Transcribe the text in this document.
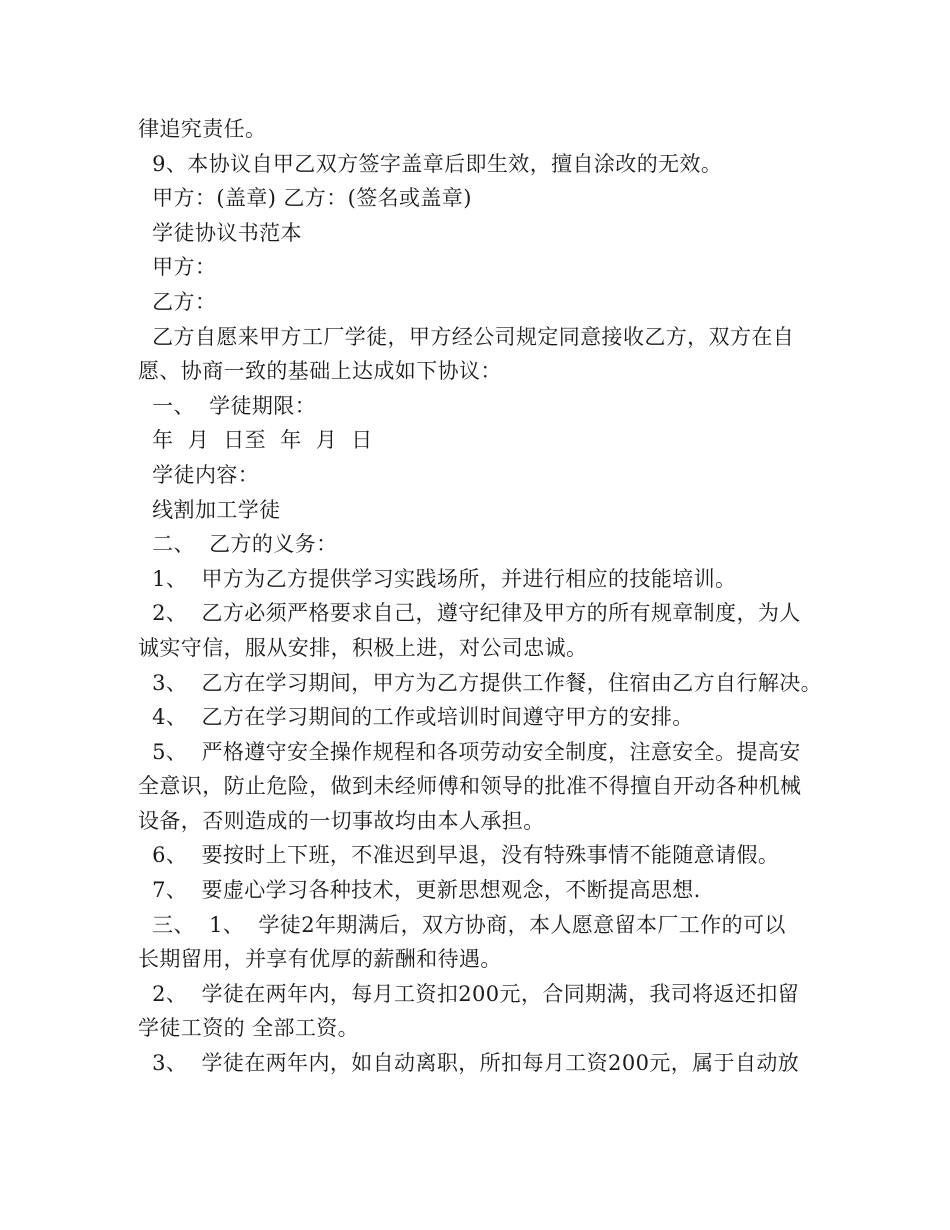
律追究责任。
9、本协议自甲乙双方签字盖章后即生效，擅自涂改的无效。
甲方：(盖章) 乙方：(签名或盖章)
学徒协议书范本
甲方：
乙方：
乙方自愿来甲方工厂学徒，甲方经公司规定同意接收乙方，双方在自
愿、协商一致的基础上达成如下协议：
一、  学徒期限：
年  月  日至  年  月  日
学徒内容：
线割加工学徒
二、  乙方的义务：
1、  甲方为乙方提供学习实践场所，并进行相应的技能培训。
2、  乙方必须严格要求自己，遵守纪律及甲方的所有规章制度，为人
诚实守信，服从安排，积极上进，对公司忠诚。
3、  乙方在学习期间，甲方为乙方提供工作餐，住宿由乙方自行解决。
4、  乙方在学习期间的工作或培训时间遵守甲方的安排。
5、  严格遵守安全操作规程和各项劳动安全制度，注意安全。提高安
全意识，防止危险，做到未经师傅和领导的批准不得擅自开动各种机械
设备，否则造成的一切事故均由本人承担。
6、  要按时上下班，不准迟到早退，没有特殊事情不能随意请假。
7、  要虚心学习各种技术，更新思想观念，不断提高思想.
三、  1、  学徒2年期满后，双方协商，本人愿意留本厂工作的可以
长期留用，并享有优厚的薪酬和待遇。
2、  学徒在两年内，每月工资扣200元，合同期满，我司将返还扣留
学徒工资的 全部工资。
3、  学徒在两年内，如自动离职，所扣每月工资200元，属于自动放
